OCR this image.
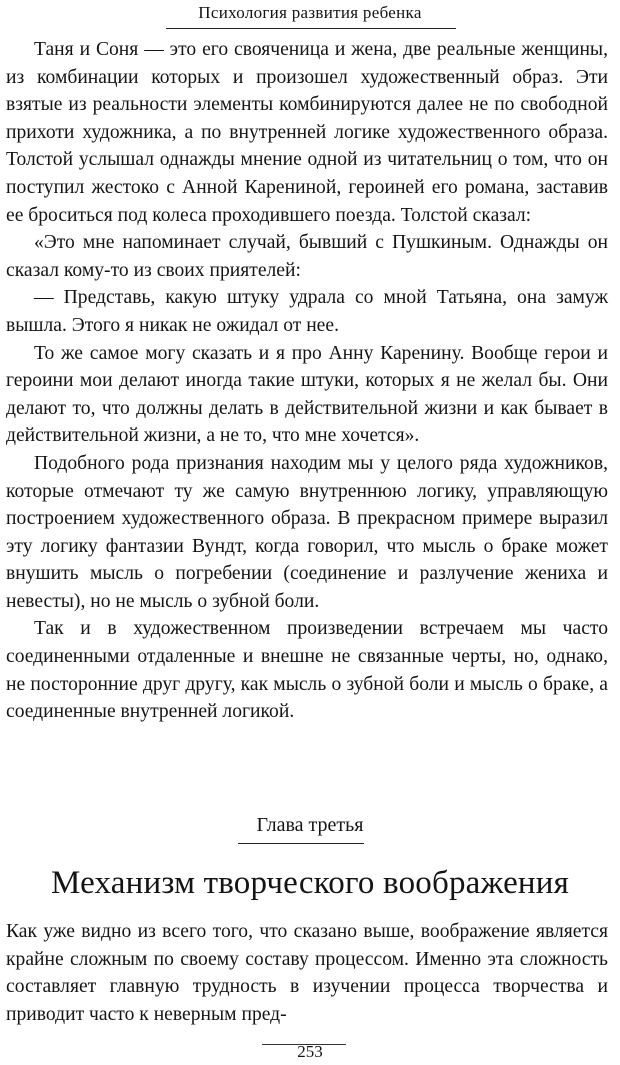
Психология развития ребенка

Таня и Соня — это его свояченица и жена, две реальные женщины, из комбинации которых и произошел художественный образ. Эти взятые из реальности элементы комбинируются далее не по свободной прихоти художника, а по внутренней логике художественного образа. Толстой услышал однажды мнение одной из читательниц о том, что он поступил жестоко с Анной Карениной, героиней его романа, заставив ее броситься под колеса проходившего поезда. Толстой сказал:

«Это мне напоминает случай, бывший с Пушкиным. Однажды он сказал кому-то из своих приятелей:

— Представь, какую штуку удрала со мной Татьяна, она замуж вышла. Этого я никак не ожидал от нее.

То же самое могу сказать и я про Анну Каренину. Вообще герои и героини мои делают иногда такие штуки, которых я не желал бы. Они делают то, что должны делать в действительной жизни и как бывает в действительной жизни, а не то, что мне хочется».

Подобного рода признания находим мы у целого ряда художников, которые отмечают ту же самую внутреннюю логику, управляющую построением художественного образа. В прекрасном примере выразил эту логику фантазии Вундт, когда говорил, что мысль о браке может внушить мысль о погребении (соединение и разлучение жениха и невесты), но не мысль о зубной боли.

Так и в художественном произведении встречаем мы часто соединенными отдаленные и внешне не связанные черты, но, однако, не посторонние друг другу, как мысль о зубной боли и мысль о браке, а соединенные внутренней логикой.

Глава третья
Механизм творческого воображения

Как уже видно из всего того, что сказано выше, воображение является крайне сложным по своему составу процессом. Именно эта сложность составляет главную трудность в изучении процесса творчества и приводит часто к неверным пред-

253
